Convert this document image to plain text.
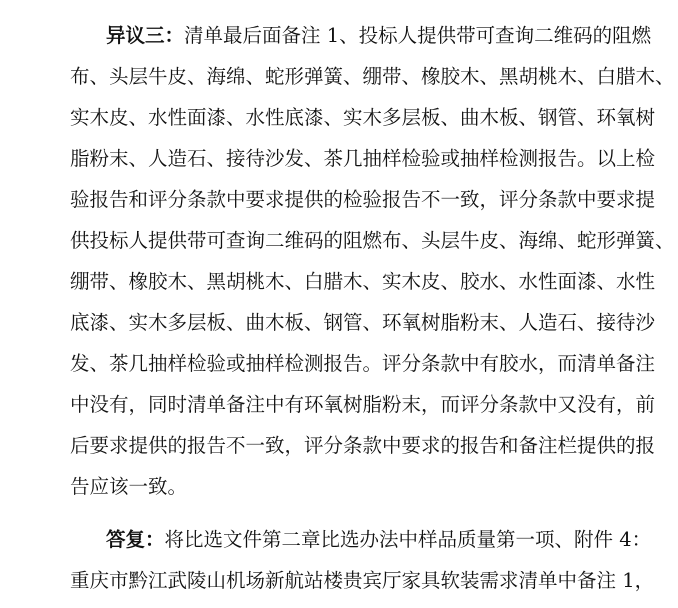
异议三：清单最后面备注 1、投标人提供带可查询二维码的阻燃

布、头层牛皮、海绵、蛇形弹簧、绷带、橡胶木、黑胡桃木、白腊木、

实木皮、水性面漆、水性底漆、实木多层板、曲木板、钢管、环氧树

脂粉末、人造石、接待沙发、茶几抽样检验或抽样检测报告。以上检

验报告和评分条款中要求提供的检验报告不一致，评分条款中要求提

供投标人提供带可查询二维码的阻燃布、头层牛皮、海绵、蛇形弹簧、

绷带、橡胶木、黑胡桃木、白腊木、实木皮、胶水、水性面漆、水性

底漆、实木多层板、曲木板、钢管、环氧树脂粉末、人造石、接待沙

发、茶几抽样检验或抽样检测报告。评分条款中有胶水，而清单备注

中没有，同时清单备注中有环氧树脂粉末，而评分条款中又没有，前

后要求提供的报告不一致，评分条款中要求的报告和备注栏提供的报

告应该一致。

答复：将比选文件第二章比选办法中样品质量第一项、附件 4：

重庆市黔江武陵山机场新航站楼贵宾厅家具软装需求清单中备注 1，
